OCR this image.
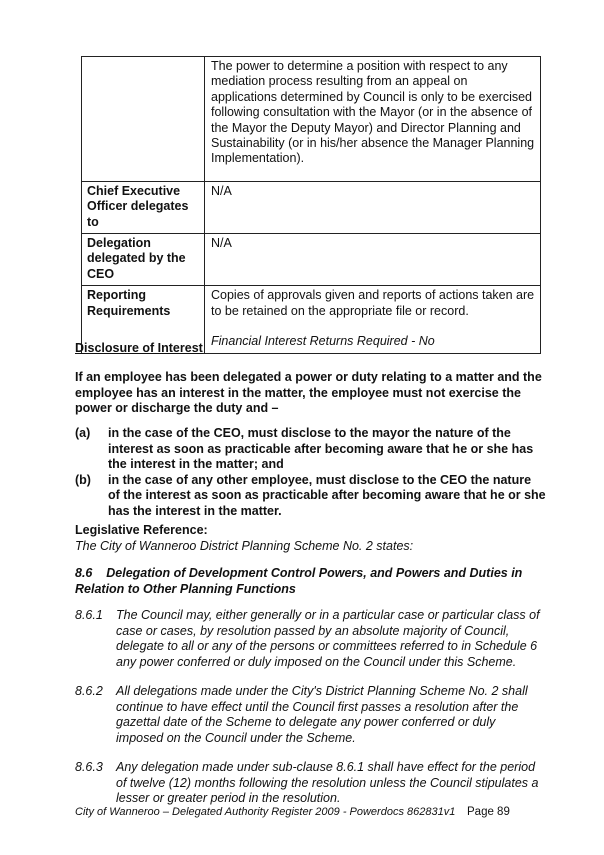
	The power to determine a position with respect to any mediation process resulting from an appeal on applications determined by Council is only to be exercised following consultation with the Mayor (or in the absence of the Mayor the Deputy Mayor) and Director Planning and Sustainability (or in his/her absence the Manager Planning Implementation).
Chief Executive Officer delegates to	N/A
Delegation delegated by the CEO	N/A
Reporting Requirements	Copies of approvals given and reports of actions taken are to be retained on the appropriate file or record.
Financial Interest Returns Required - No
Disclosure of Interest
If an employee has been delegated a power or duty relating to a matter and the employee has an interest in the matter, the employee must not exercise the power or discharge the duty and –
(a)	in the case of the CEO, must disclose to the mayor the nature of the interest as soon as practicable after becoming aware that he or she has the interest in the matter; and
(b)	in the case of any other employee, must disclose to the CEO the nature of the interest as soon as practicable after becoming aware that he or she has the interest in the matter.
Legislative Reference:
The City of Wanneroo District Planning Scheme No. 2 states:
8.6    Delegation of Development Control Powers, and Powers and Duties in Relation to Other Planning Functions
8.6.1	The Council may, either generally or in a particular case or particular class of case or cases, by resolution passed by an absolute majority of Council, delegate to all or any of the persons or committees referred to in Schedule 6 any power conferred or duly imposed on the Council under this Scheme.
8.6.2	All delegations made under the City's District Planning Scheme No. 2 shall continue to have effect until the Council first passes a resolution after the gazettal date of the Scheme to delegate any power conferred or duly imposed on the Council under the Scheme.
8.6.3	Any delegation made under sub-clause 8.6.1 shall have effect for the period of twelve (12) months following the resolution unless the Council stipulates a lesser or greater period in the resolution.
City of Wanneroo – Delegated Authority Register 2009 - Powerdocs 862831v1 Page 89
